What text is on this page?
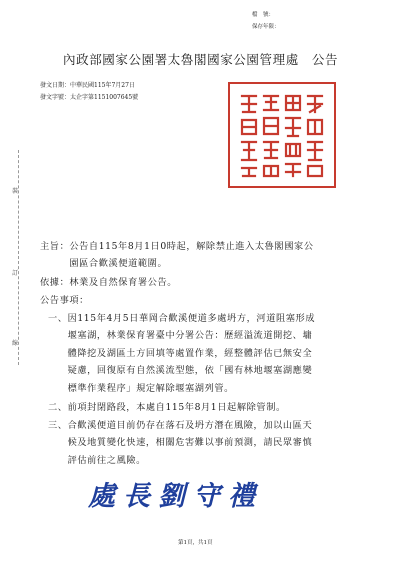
檔　號：
保存年限：
內政部國家公園署太魯閣國家公園管理處　公告
發文日期：中華民國115年7月27日
發文字號：太企字第1151007645號
裝
訂
線
主旨：公告自115年8月1日0時起，解除禁止進入太魯閣國家公
　　　園區合歡溪便道範圍。
依據：林業及自然保育署公告。
公告事項：
一、因115年4月5日華岡合歡溪便道多處坍方，河道阻塞形成
　　堰塞湖，林業保育署臺中分署公告：歷經溢流道開挖、墉
　　體降挖及湖區土方回填等處置作業，經整體評估已無安全
　　疑慮，回復原有自然溪流型態，依「國有林地堰塞湖應變
　　標準作業程序」規定解除堰塞湖列管。
二、前項封閉路段，本處自115年8月1日起解除管制。
三、合歡溪便道目前仍存在落石及坍方潛在風險，加以山區天
　　候及地質變化快速，相關危害難以事前預測，請民眾審慎
　　評估前往之風險。
處長劉守禮
第1頁，共1頁
